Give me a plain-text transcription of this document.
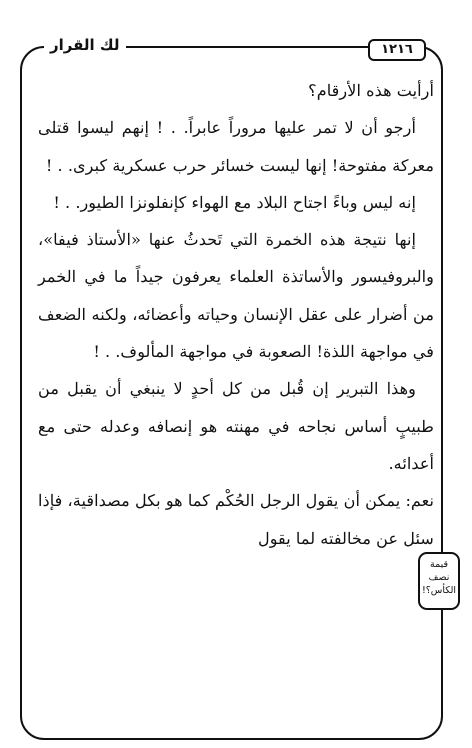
لك القرار	١٢١٦

أرأيت هذه الأرقام؟

أرجو أن لا تمر عليها مروراً عابراً. . ! إنهم ليسوا قتلى معركة مفتوحة! إنها ليست خسائر حرب عسكرية كبرى. . !

إنه ليس وباءً اجتاح البلاد مع الهواء كإنفلونزا الطيور. . !

إنها نتيجة هذه الخمرة التي تَحدثُ عنها «الأستاذ فيفا»، والبروفيسور والأساتذة العلماء يعرفون جيداً ما في الخمر من أضرار على عقل الإنسان وحياته وأعضائه، ولكنه الضعف في مواجهة اللذة! الصعوبة في مواجهة المألوف. . !

وهذا التبرير إن قُبل من كل أحدٍ لا ينبغي أن يقبل من طبيبٍ أساس نجاحه في مهنته هو إنصافه وعدله حتى مع أعدائه.

نعم: يمكن أن يقول الرجل الحُكْم كما هو بكل مصداقية، فإذا سئل عن مخالفته لما يقول

قيمة
نصف
الكأس؟!
